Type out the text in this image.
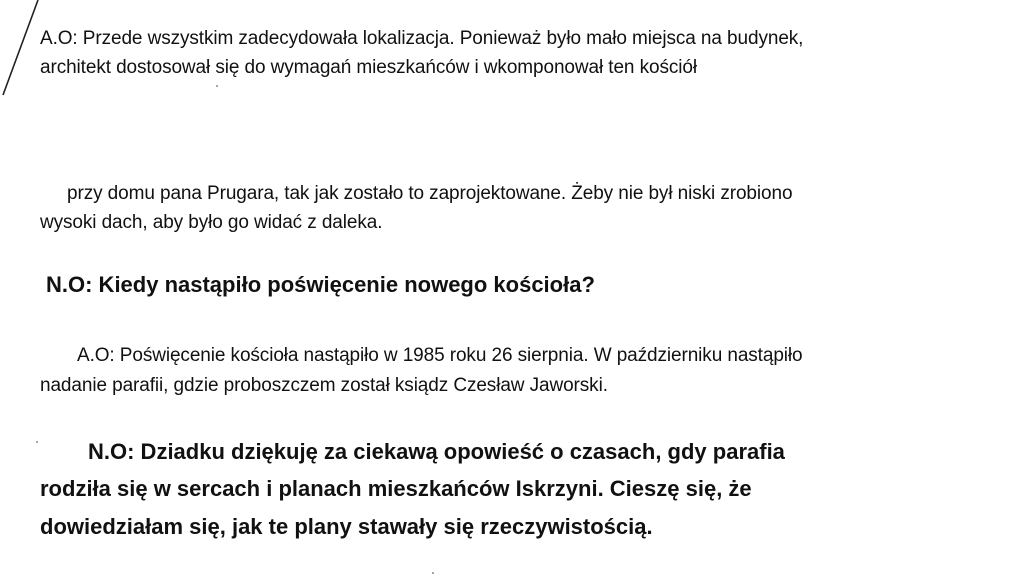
A.O: Przede wszystkim zadecydowała lokalizacja. Ponieważ było mało miejsca na budynek,
architekt dostosował się do wymagań mieszkańców i wkomponował ten kościół
przy domu pana Prugara, tak jak zostało to zaprojektowane. Żeby nie był niski zrobiono
wysoki dach, aby było go widać z daleka.
N.O: Kiedy nastąpiło poświęcenie nowego kościoła?
A.O: Poświęcenie kościoła nastąpiło w 1985 roku 26 sierpnia. W październiku nastąpiło
nadanie parafii, gdzie proboszczem został ksiądz Czesław Jaworski.
N.O: Dziadku dziękuję za ciekawą opowieść o czasach, gdy parafia
rodziła się w sercach i planach mieszkańców Iskrzyni. Cieszę się, że
dowiedziałam się, jak te plany stawały się rzeczywistością.
